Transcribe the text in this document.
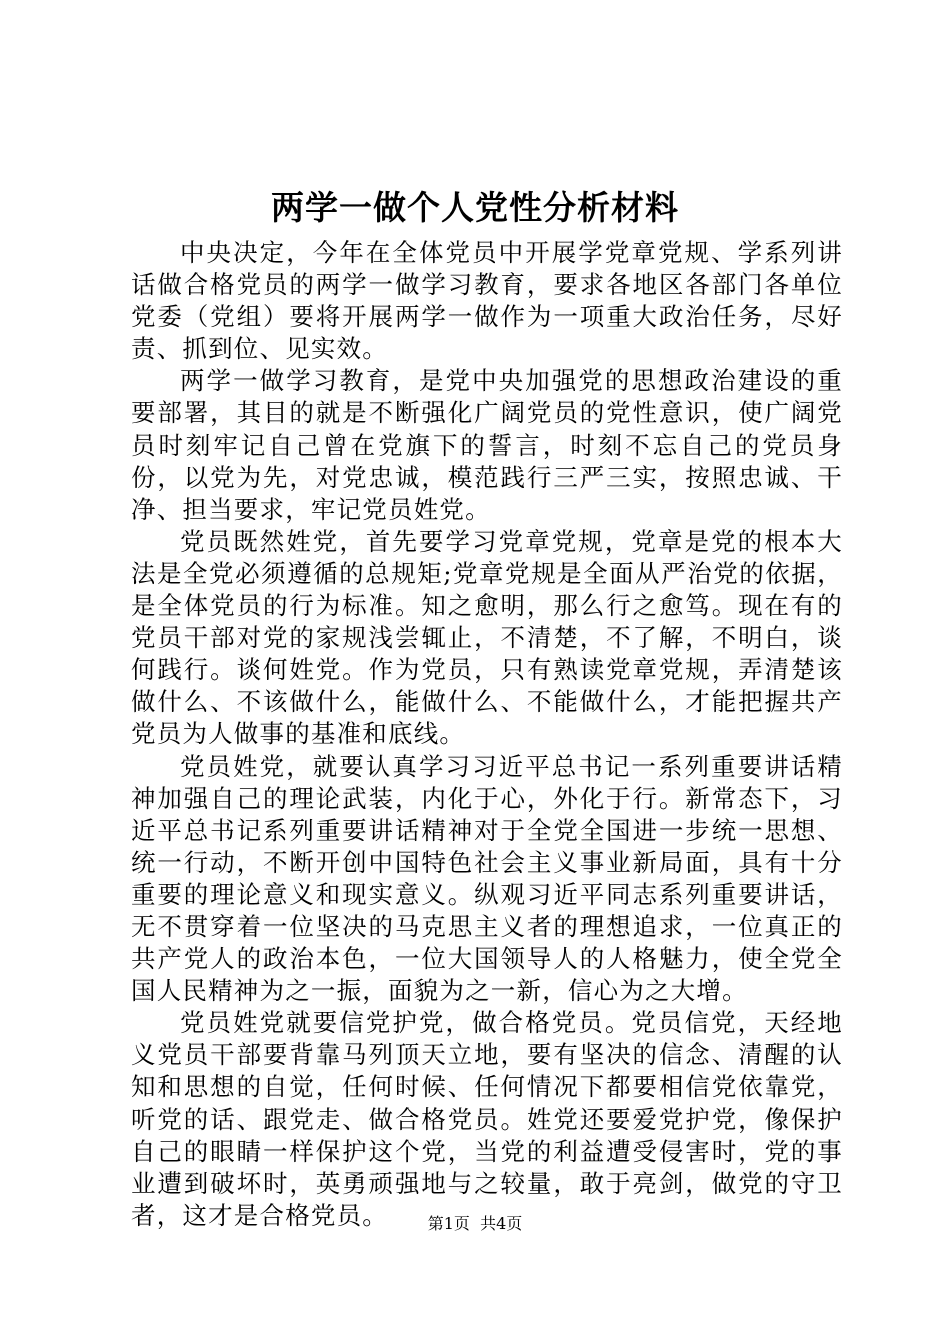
两学一做个人党性分析材料

中央决定，今年在全体党员中开展学党章党规、学系列讲话做合格党员的两学一做学习教育，要求各地区各部门各单位党委（党组）要将开展两学一做作为一项重大政治任务，尽好责、抓到位、见实效。

两学一做学习教育，是党中央加强党的思想政治建设的重要部署，其目的就是不断强化广阔党员的党性意识，使广阔党员时刻牢记自己曾在党旗下的誓言，时刻不忘自己的党员身份，以党为先，对党忠诚，模范践行三严三实，按照忠诚、干净、担当要求，牢记党员姓党。

党员既然姓党，首先要学习党章党规，党章是党的根本大法是全党必须遵循的总规矩;党章党规是全面从严治党的依据，是全体党员的行为标准。知之愈明，那么行之愈笃。现在有的党员干部对党的家规浅尝辄止，不清楚，不了解，不明白，谈何践行。谈何姓党。作为党员，只有熟读党章党规，弄清楚该做什么、不该做什么，能做什么、不能做什么，才能把握共产党员为人做事的基准和底线。

党员姓党，就要认真学习习近平总书记一系列重要讲话精神加强自己的理论武装，内化于心，外化于行。新常态下，习近平总书记系列重要讲话精神对于全党全国进一步统一思想、统一行动，不断开创中国特色社会主义事业新局面，具有十分重要的理论意义和现实意义。纵观习近平同志系列重要讲话，无不贯穿着一位坚决的马克思主义者的理想追求，一位真正的共产党人的政治本色，一位大国领导人的人格魅力，使全党全国人民精神为之一振，面貌为之一新，信心为之大增。

党员姓党就要信党护党，做合格党员。党员信党，天经地义党员干部要背靠马列顶天立地，要有坚决的信念、清醒的认知和思想的自觉，任何时候、任何情况下都要相信党依靠党，听党的话、跟党走、做合格党员。姓党还要爱党护党，像保护自己的眼睛一样保护这个党，当党的利益遭受侵害时，党的事业遭到破坏时，英勇顽强地与之较量，敢于亮剑，做党的守卫者，这才是合格党员。	第1页  共4页
